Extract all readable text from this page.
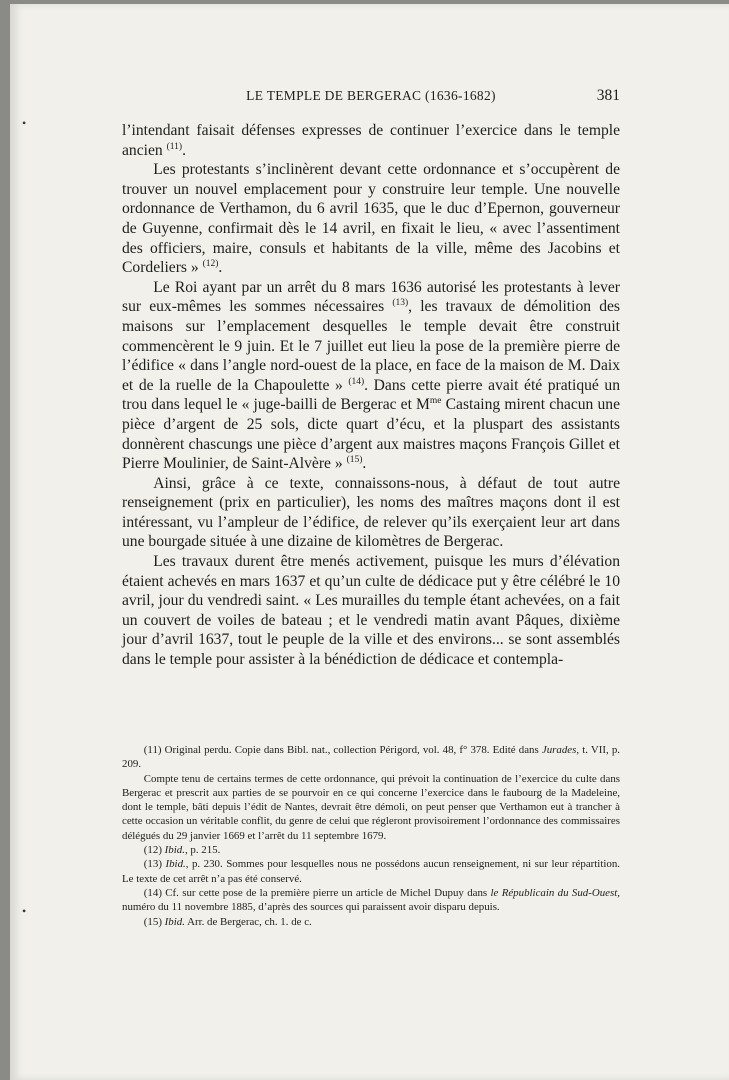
•
•
LE TEMPLE DE BERGERAC (1636-1682)	381

l’intendant faisait défenses expresses de continuer l’exercice dans le temple ancien $^{(11)}$.

Les protestants s’inclinèrent devant cette ordonnance et s’occupèrent de trouver un nouvel emplacement pour y construire leur temple. Une nouvelle ordonnance de Verthamon, du 6 avril 1635, que le duc d’Epernon, gouverneur de Guyenne, confirmait dès le 14 avril, en fixait le lieu, « avec l’assentiment des officiers, maire, consuls et habitants de la ville, même des Jacobins et Cordeliers » $^{(12)}$.

Le Roi ayant par un arrêt du 8 mars 1636 autorisé les protestants à lever sur eux-mêmes les sommes nécessaires $^{(13)}$, les travaux de démolition des maisons sur l’emplacement desquelles le temple devait être construit commencèrent le 9 juin. Et le 7 juillet eut lieu la pose de la première pierre de l’édifice « dans l’angle nord-ouest de la place, en face de la maison de M. Daix et de la ruelle de la Chapoulette » $^{(14)}$. Dans cette pierre avait été pratiqué un trou dans lequel le « juge-bailli de Bergerac et $M^{me}$ Castaing mirent chacun une pièce d’argent de 25 sols, dicte quart d’écu, et la pluspart des assistants donnèrent chascungs une pièce d’argent aux maistres maçons François Gillet et Pierre Moulinier, de Saint-Alvère » $^{(15)}$.

Ainsi, grâce à ce texte, connaissons-nous, à défaut de tout autre renseignement (prix en particulier), les noms des maîtres maçons dont il est intéressant, vu l’ampleur de l’édifice, de relever qu’ils exerçaient leur art dans une bourgade située à une dizaine de kilomètres de Bergerac.

Les travaux durent être menés activement, puisque les murs d’élévation étaient achevés en mars 1637 et qu’un culte de dédicace put y être célébré le 10 avril, jour du vendredi saint. « Les murailles du temple étant achevées, on a fait un couvert de voiles de bateau ; et le vendredi matin avant Pâques, dixième jour d’avril 1637, tout le peuple de la ville et des environs... se sont assemblés dans le temple pour assister à la bénédiction de dédicace et contempla-

(11) Original perdu. Copie dans Bibl. nat., collection Périgord, vol. 48, f° 378. Edité dans Jurades, t. VII, p. 209.

Compte tenu de certains termes de cette ordonnance, qui prévoit la continuation de l’exercice du culte dans Bergerac et prescrit aux parties de se pourvoir en ce qui concerne l’exercice dans le faubourg de la Madeleine, dont le temple, bâti depuis l’édit de Nantes, devrait être démoli, on peut penser que Verthamon eut à trancher à cette occasion un véritable conflit, du genre de celui que régleront provisoirement l’ordonnance des commissaires délégués du 29 janvier 1669 et l’arrêt du 11 septembre 1679.

(12) Ibid., p. 215.

(13) Ibid., p. 230. Sommes pour lesquelles nous ne possédons aucun renseignement, ni sur leur répartition. Le texte de cet arrêt n’a pas été conservé.

(14) Cf. sur cette pose de la première pierre un article de Michel Dupuy dans le Républicain du Sud-Ouest, numéro du 11 novembre 1885, d’après des sources qui paraissent avoir disparu depuis.

(15) Ibid. Arr. de Bergerac, ch. 1. de c.
